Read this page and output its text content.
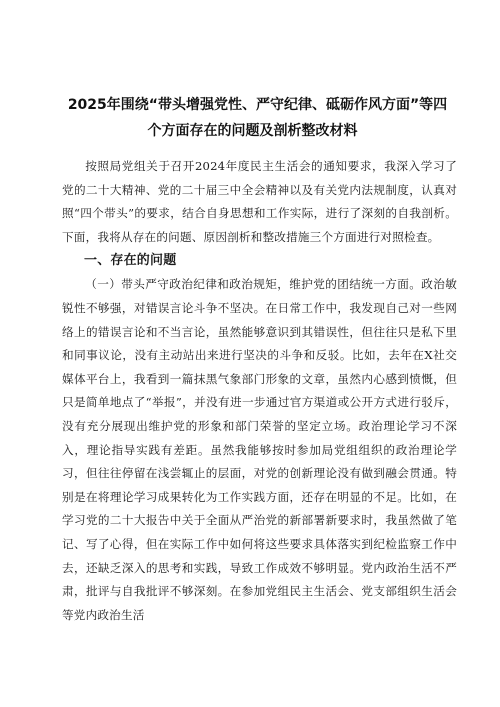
2025年围绕“带头增强党性、严守纪律、砥砺作风方面”等四
个方面存在的问题及剖析整改材料

按照局党组关于召开2024年度民主生活会的通知要求，我深入学习了党的二十大精神、党的二十届三中全会精神以及有关党内法规制度，认真对照“四个带头”的要求，结合自身思想和工作实际，进行了深刻的自我剖析。下面，我将从存在的问题、原因剖析和整改措施三个方面进行对照检查。

一、存在的问题

（一）带头严守政治纪律和政治规矩，维护党的团结统一方面。政治敏锐性不够强，对错误言论斗争不坚决。在日常工作中，我发现自己对一些网络上的错误言论和不当言论，虽然能够意识到其错误性，但往往只是私下里和同事议论，没有主动站出来进行坚决的斗争和反驳。比如，去年在X社交媒体平台上，我看到一篇抹黑气象部门形象的文章，虽然内心感到愤慨，但只是简单地点了“举报”，并没有进一步通过官方渠道或公开方式进行驳斥，没有充分展现出维护党的形象和部门荣誉的坚定立场。政治理论学习不深入，理论指导实践有差距。虽然我能够按时参加局党组组织的政治理论学习，但往往停留在浅尝辄止的层面，对党的创新理论没有做到融会贯通。特别是在将理论学习成果转化为工作实践方面，还存在明显的不足。比如，在学习党的二十大报告中关于全面从严治党的新部署新要求时，我虽然做了笔记、写了心得，但在实际工作中如何将这些要求具体落实到纪检监察工作中去，还缺乏深入的思考和实践，导致工作成效不够明显。党内政治生活不严肃，批评与自我批评不够深刻。在参加党组民主生活会、党支部组织生活会等党内政治生活
